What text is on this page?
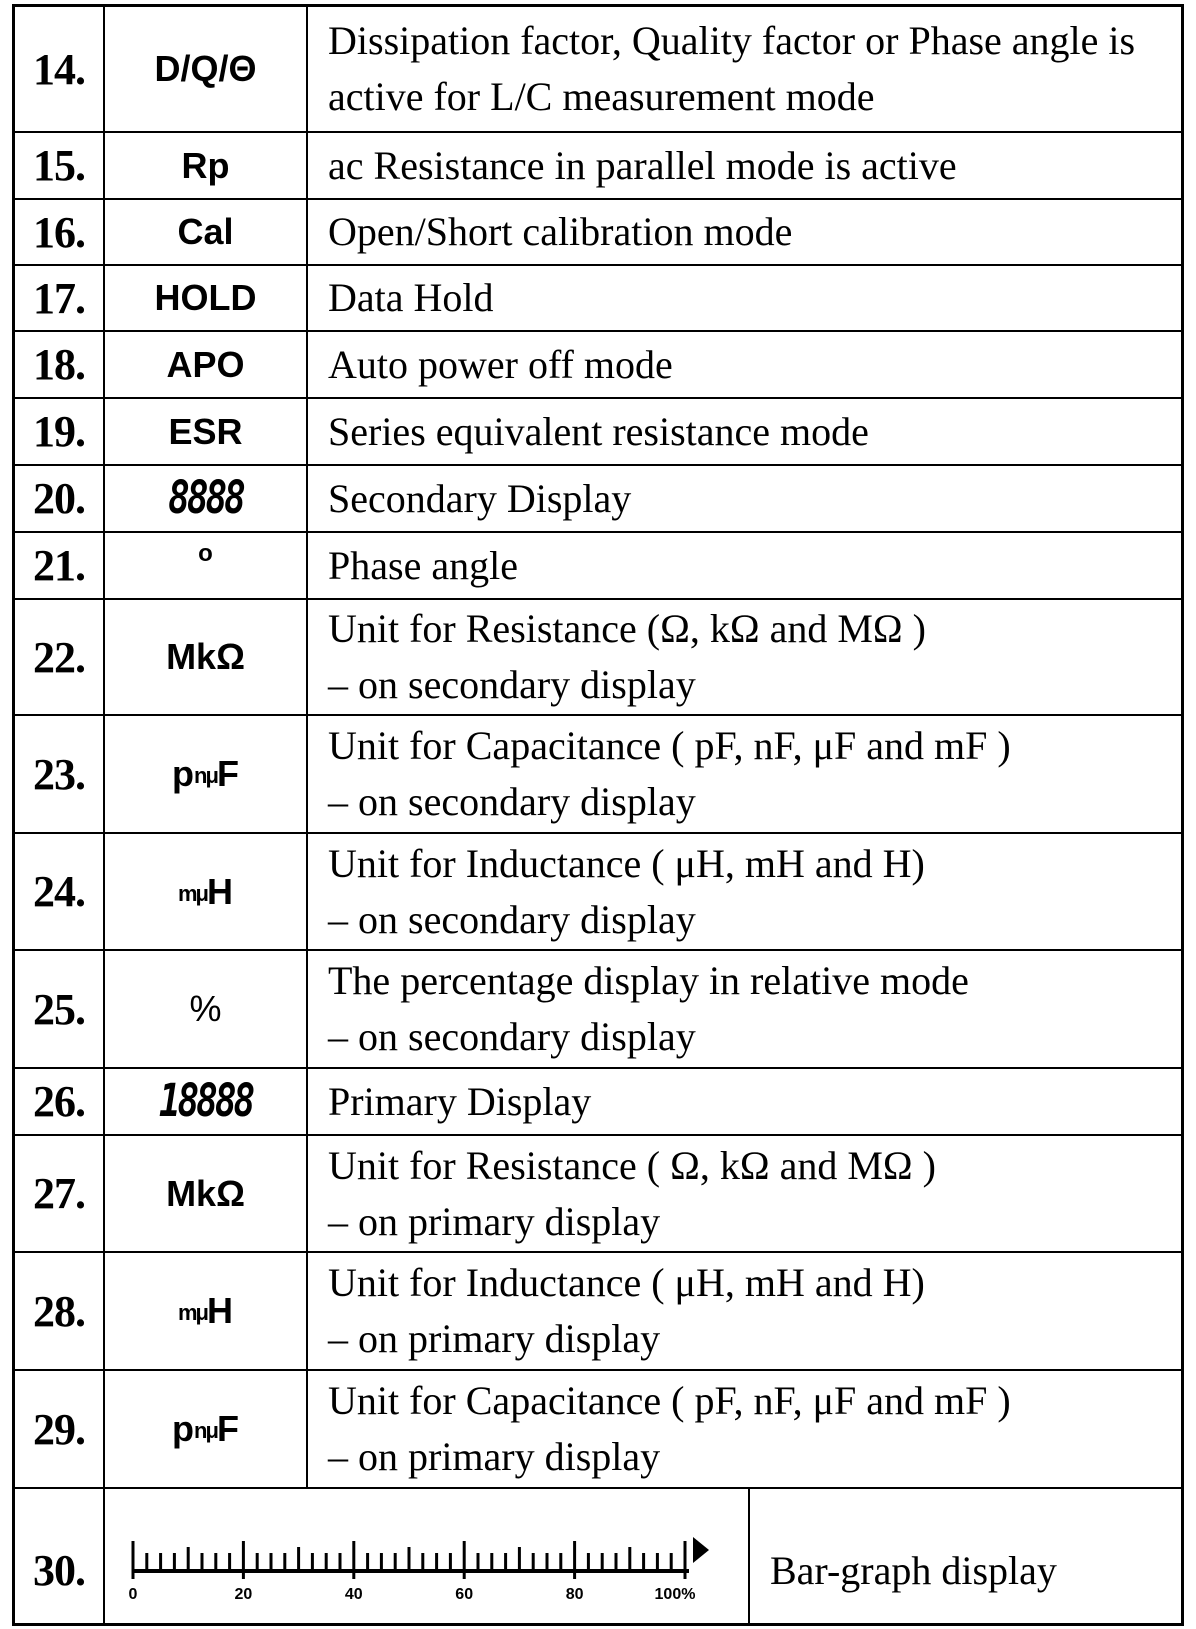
14.	D/Q/Θ
Dissipation factor, Quality factor or Phase angle is
active for L/C measurement mode
15.	Rp	ac Resistance in parallel mode is active
16.	Cal	Open/Short calibration mode
17.	HOLD	Data Hold
18.	APO	Auto power off mode
19.	ESR	Series equivalent resistance mode
20.	8888 Secondary Display
21.	o	Phase angle
22.	MkΩ
Unit for Resistance (Ω, kΩ and MΩ )
– on secondary display
23.	p nμ F
Unit for Capacitance ( pF, nF, μF and mF )
– on secondary display
24.	mμ H
Unit for Inductance ( μH, mH and H)
– on secondary display
25.	%
The percentage display in relative mode
– on secondary display
26.	18888 Primary Display
27.	MkΩ
Unit for Resistance ( Ω, kΩ and MΩ )
– on primary display
28.	mμ H
Unit for Inductance ( μH, mH and H)
– on primary display
29.	p nμ F
Unit for Capacitance ( pF, nF, μF and mF )
– on primary display
30.	0	20	40	60	80	100%
Bar-graph display
